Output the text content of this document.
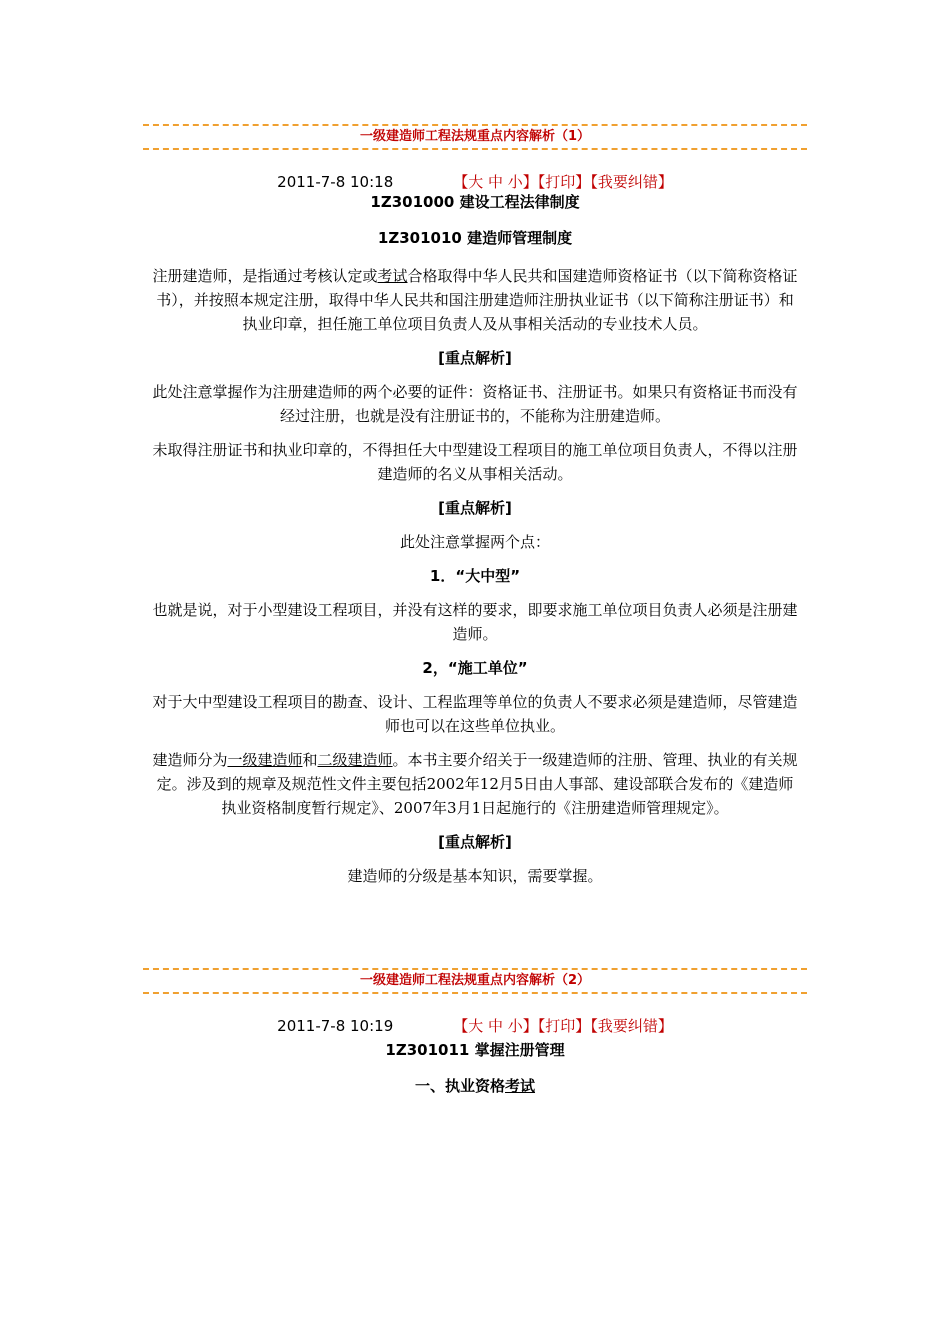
一级建造师工程法规重点内容解析（1）
2011-7-8 10:18	【大 中 小】【打印】【我要纠错】
1Z301000 建设工程法律制度
1Z301010 建造师管理制度
注册建造师，是指通过考核认定或考试合格取得中华人民共和国建造师资格证书（以下简称资格证书），并按照本规定注册，取得中华人民共和国注册建造师注册执业证书（以下简称注册证书）和执业印章，担任施工单位项目负责人及从事相关活动的专业技术人员。
[重点解析]
此处注意掌握作为注册建造师的两个必要的证件：资格证书、注册证书。如果只有资格证书而没有经过注册，也就是没有注册证书的，不能称为注册建造师。
未取得注册证书和执业印章的，不得担任大中型建设工程项目的施工单位项目负责人，不得以注册建造师的名义从事相关活动。
[重点解析]
此处注意掌握两个点：
1．“大中型”
也就是说，对于小型建设工程项目，并没有这样的要求，即要求施工单位项目负责人必须是注册建造师。
2，“施工单位”
对于大中型建设工程项目的勘查、设计、工程监理等单位的负责人不要求必须是建造师，尽管建造师也可以在这些单位执业。
建造师分为一级建造师和二级建造师。本书主要介绍关于一级建造师的注册、管理、执业的有关规定。涉及到的规章及规范性文件主要包括2002年12月5日由人事部、建设部联合发布的《建造师执业资格制度暂行规定》、2007年3月1日起施行的《注册建造师管理规定》。
[重点解析]
建造师的分级是基本知识，需要掌握。
一级建造师工程法规重点内容解析（2）
2011-7-8 10:19	【大 中 小】【打印】【我要纠错】
1Z301011 掌握注册管理
一、执业资格考试
